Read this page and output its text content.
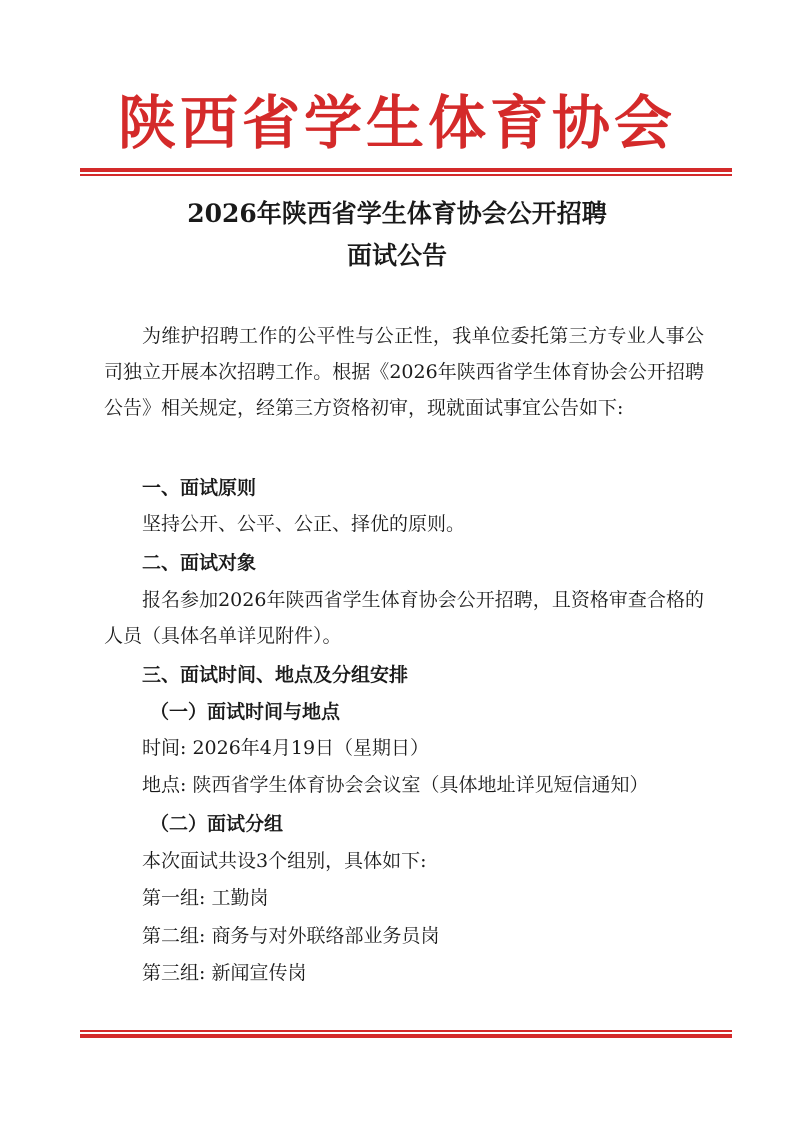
陕西省学生体育协会
2026年陕西省学生体育协会公开招聘
面试公告

为维护招聘工作的公平性与公正性，我单位委托第三方专业人事公司独立开展本次招聘工作。根据《2026年陕西省学生体育协会公开招聘公告》相关规定，经第三方资格初审，现就面试事宜公告如下:

一、面试原则
坚持公开、公平、公正、择优的原则。
二、面试对象

报名参加2026年陕西省学生体育协会公开招聘，且资格审查合格的人员（具体名单详见附件）。

三、面试时间、地点及分组安排
（一）面试时间与地点
时间: 2026年4月19日（星期日）
地点: 陕西省学生体育协会会议室（具体地址详见短信通知）
（二）面试分组
本次面试共设3个组别，具体如下:
第一组: 工勤岗
第二组: 商务与对外联络部业务员岗
第三组: 新闻宣传岗
